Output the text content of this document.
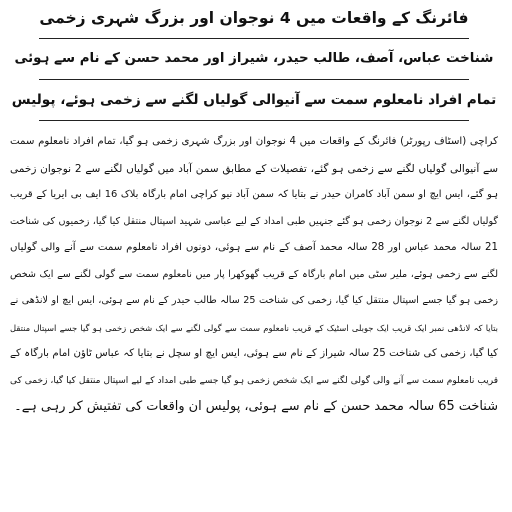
فائرنگ کے واقعات میں 4 نوجوان اور بزرگ شہری زخمی
شناخت عباس، آصف، طالب حیدر، شیراز اور محمد حسن کے نام سے ہوئی
تمام افراد نامعلوم سمت سے آنیوالی گولیاں لگنے سے زخمی ہوئے، پولیس
کراچی (اسٹاف رپورٹر) فائرنگ کے واقعات میں 4 نوجوان اور بزرگ شہری زخمی ہو گیا، تمام افراد نامعلوم سمت
سے آنیوالی گولیاں لگنے سے زخمی ہو گئے، تفصیلات کے مطابق سمن آباد میں گولیاں لگنے سے 2 نوجوان زخمی
ہو گئے، ایس ایچ او سمن آباد کامران حیدر نے بتایا کہ سمن آباد نیو کراچی امام بارگاہ بلاک 16 ایف بی ایریا کے قریب
گولیاں لگنے سے 2 نوجوان زخمی ہو گئے جنہیں طبی امداد کے لیے عباسی شہید اسپتال منتقل کیا گیا، زخمیوں کی شناخت
21 سالہ محمد عباس اور 28 سالہ محمد آصف کے نام سے ہوئی، دونوں افراد نامعلوم سمت سے آنے والی گولیاں
لگنے سے زخمی ہوئے، ملیر سٹی میں امام بارگاہ کے قریب گھوکھرا پار میں نامعلوم سمت سے گولی لگنے سے ایک شخص
زخمی ہو گیا جسے اسپتال منتقل کیا گیا، زخمی کی شناخت 25 سالہ طالب حیدر کے نام سے ہوئی، ایس ایچ او لانڈھی نے
بتایا کہ لانڈھی نمبر ایک قریب ایک جوبلی اسٹیک کے قریب نامعلوم سمت سے گولی لگنے سے ایک شخص زخمی ہو گیا جسے اسپتال منتقل
کیا گیا، زخمی کی شناخت 25 سالہ شیراز کے نام سے ہوئی، ایس ایچ او سچل نے بتایا کہ عباس ٹاؤن امام بارگاہ کے
قریب نامعلوم سمت سے آنے والی گولی لگنے سے ایک شخص زخمی ہو گیا جسے طبی امداد کے لیے اسپتال منتقل کیا گیا، زخمی کی
شناخت 65 سالہ محمد حسن کے نام سے ہوئی، پولیس ان واقعات کی تفتیش کر رہی ہے۔
